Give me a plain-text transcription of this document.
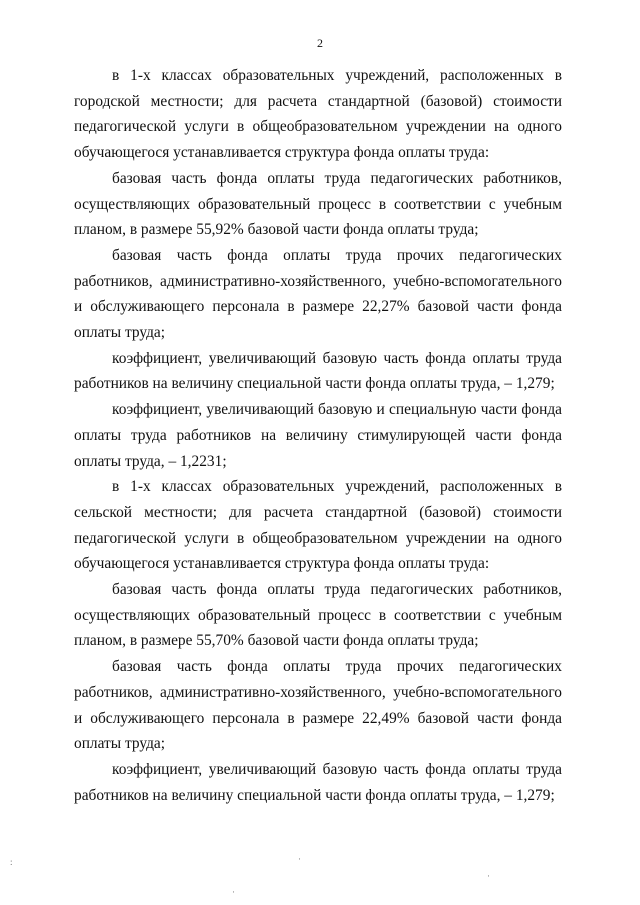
2

в 1-х классах образовательных учреждений, расположенных в городской местности; для расчета стандартной (базовой) стоимости педагогической услуги в общеобразовательном учреждении на одного обучающегося устанавливается структура фонда оплаты труда:

базовая часть фонда оплаты труда педагогических работников, осуществляющих образовательный процесс в соответствии с учебным планом, в размере 55,92% базовой части фонда оплаты труда;

базовая часть фонда оплаты труда прочих педагогических работников, административно-хозяйственного, учебно-вспомогательного и обслуживающего персонала в размере 22,27% базовой части фонда оплаты труда;

коэффициент, увеличивающий базовую часть фонда оплаты труда работников на величину специальной части фонда оплаты труда, – 1,279;

коэффициент, увеличивающий базовую и специальную части фонда оплаты труда работников на величину стимулирующей части фонда оплаты труда, – 1,2231;

в 1-х классах образовательных учреждений, расположенных в сельской местности; для расчета стандартной (базовой) стоимости педагогической услуги в общеобразовательном учреждении на одного обучающегося устанавливается структура фонда оплаты труда:

базовая часть фонда оплаты труда педагогических работников, осуществляющих образовательный процесс в соответствии с учебным планом, в размере 55,70% базовой части фонда оплаты труда;

базовая часть фонда оплаты труда прочих педагогических работников, административно-хозяйственного, учебно-вспомогательного и обслуживающего персонала в размере 22,49% базовой части фонда оплаты труда;

коэффициент, увеличивающий базовую часть фонда оплаты труда работников на величину специальной части фонда оплаты труда, – 1,279;

:	·
·
·
